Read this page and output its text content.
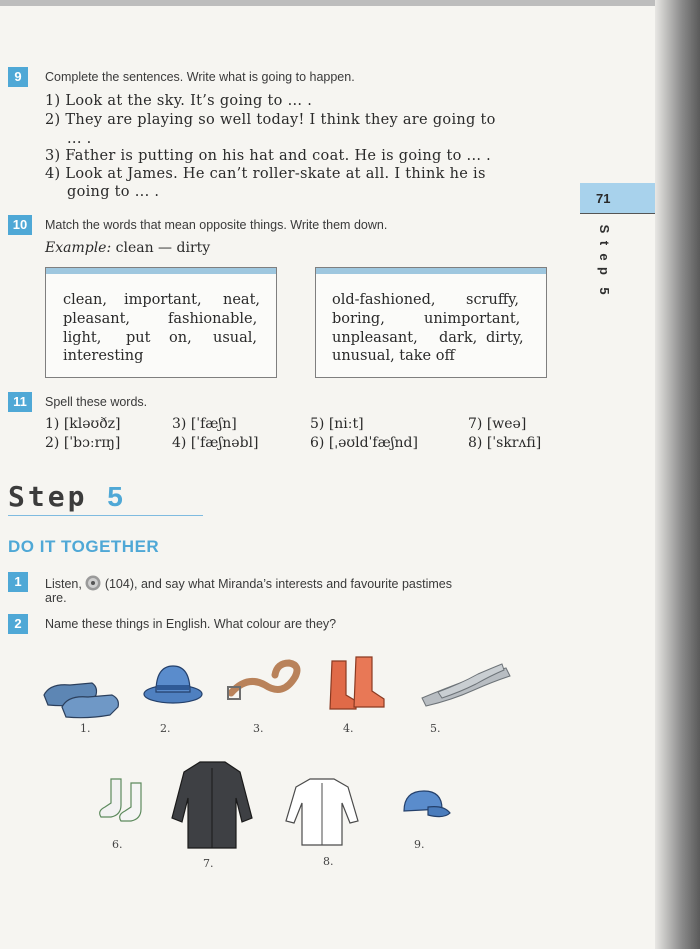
71
S
t
e
p
5
9	Complete the sentences. Write what is going to happen.
1) Look at the sky. It’s going to ... .
2) They are playing so well today! I think they are going to
... .
3) Father is putting on his hat and coat. He is going to ... .
4) Look at James. He can’t roller-skate at all. I think he is
going to ... .
10	Match the words that mean opposite things. Write them down.
Example: clean — dirty
clean, important, neat,
pleasant,	fashionable,
light, put on, usual,
interesting
old-fashioned, scruffy,
boring,	unimportant,
unpleasant, dark, dirty,
unusual, take off
11	Spell these words.
1) [kləʊðz]
2) [ˈbɔːrɪŋ]
3) [ˈfæʃn]
4) [ˈfæʃnəbl]
5) [niːt]
6) [ˌəʊldˈfæʃnd]
7) [weə]
8) [ˈskrʌfi]
Step 5
DO IT TOGETHER
1	Listen, (104), and say what Miranda’s interests and favourite pastimes
are.
2	Name these things in English. What colour are they?
1.	2.	3.	4.	5.
6.
7.	8.
9.
